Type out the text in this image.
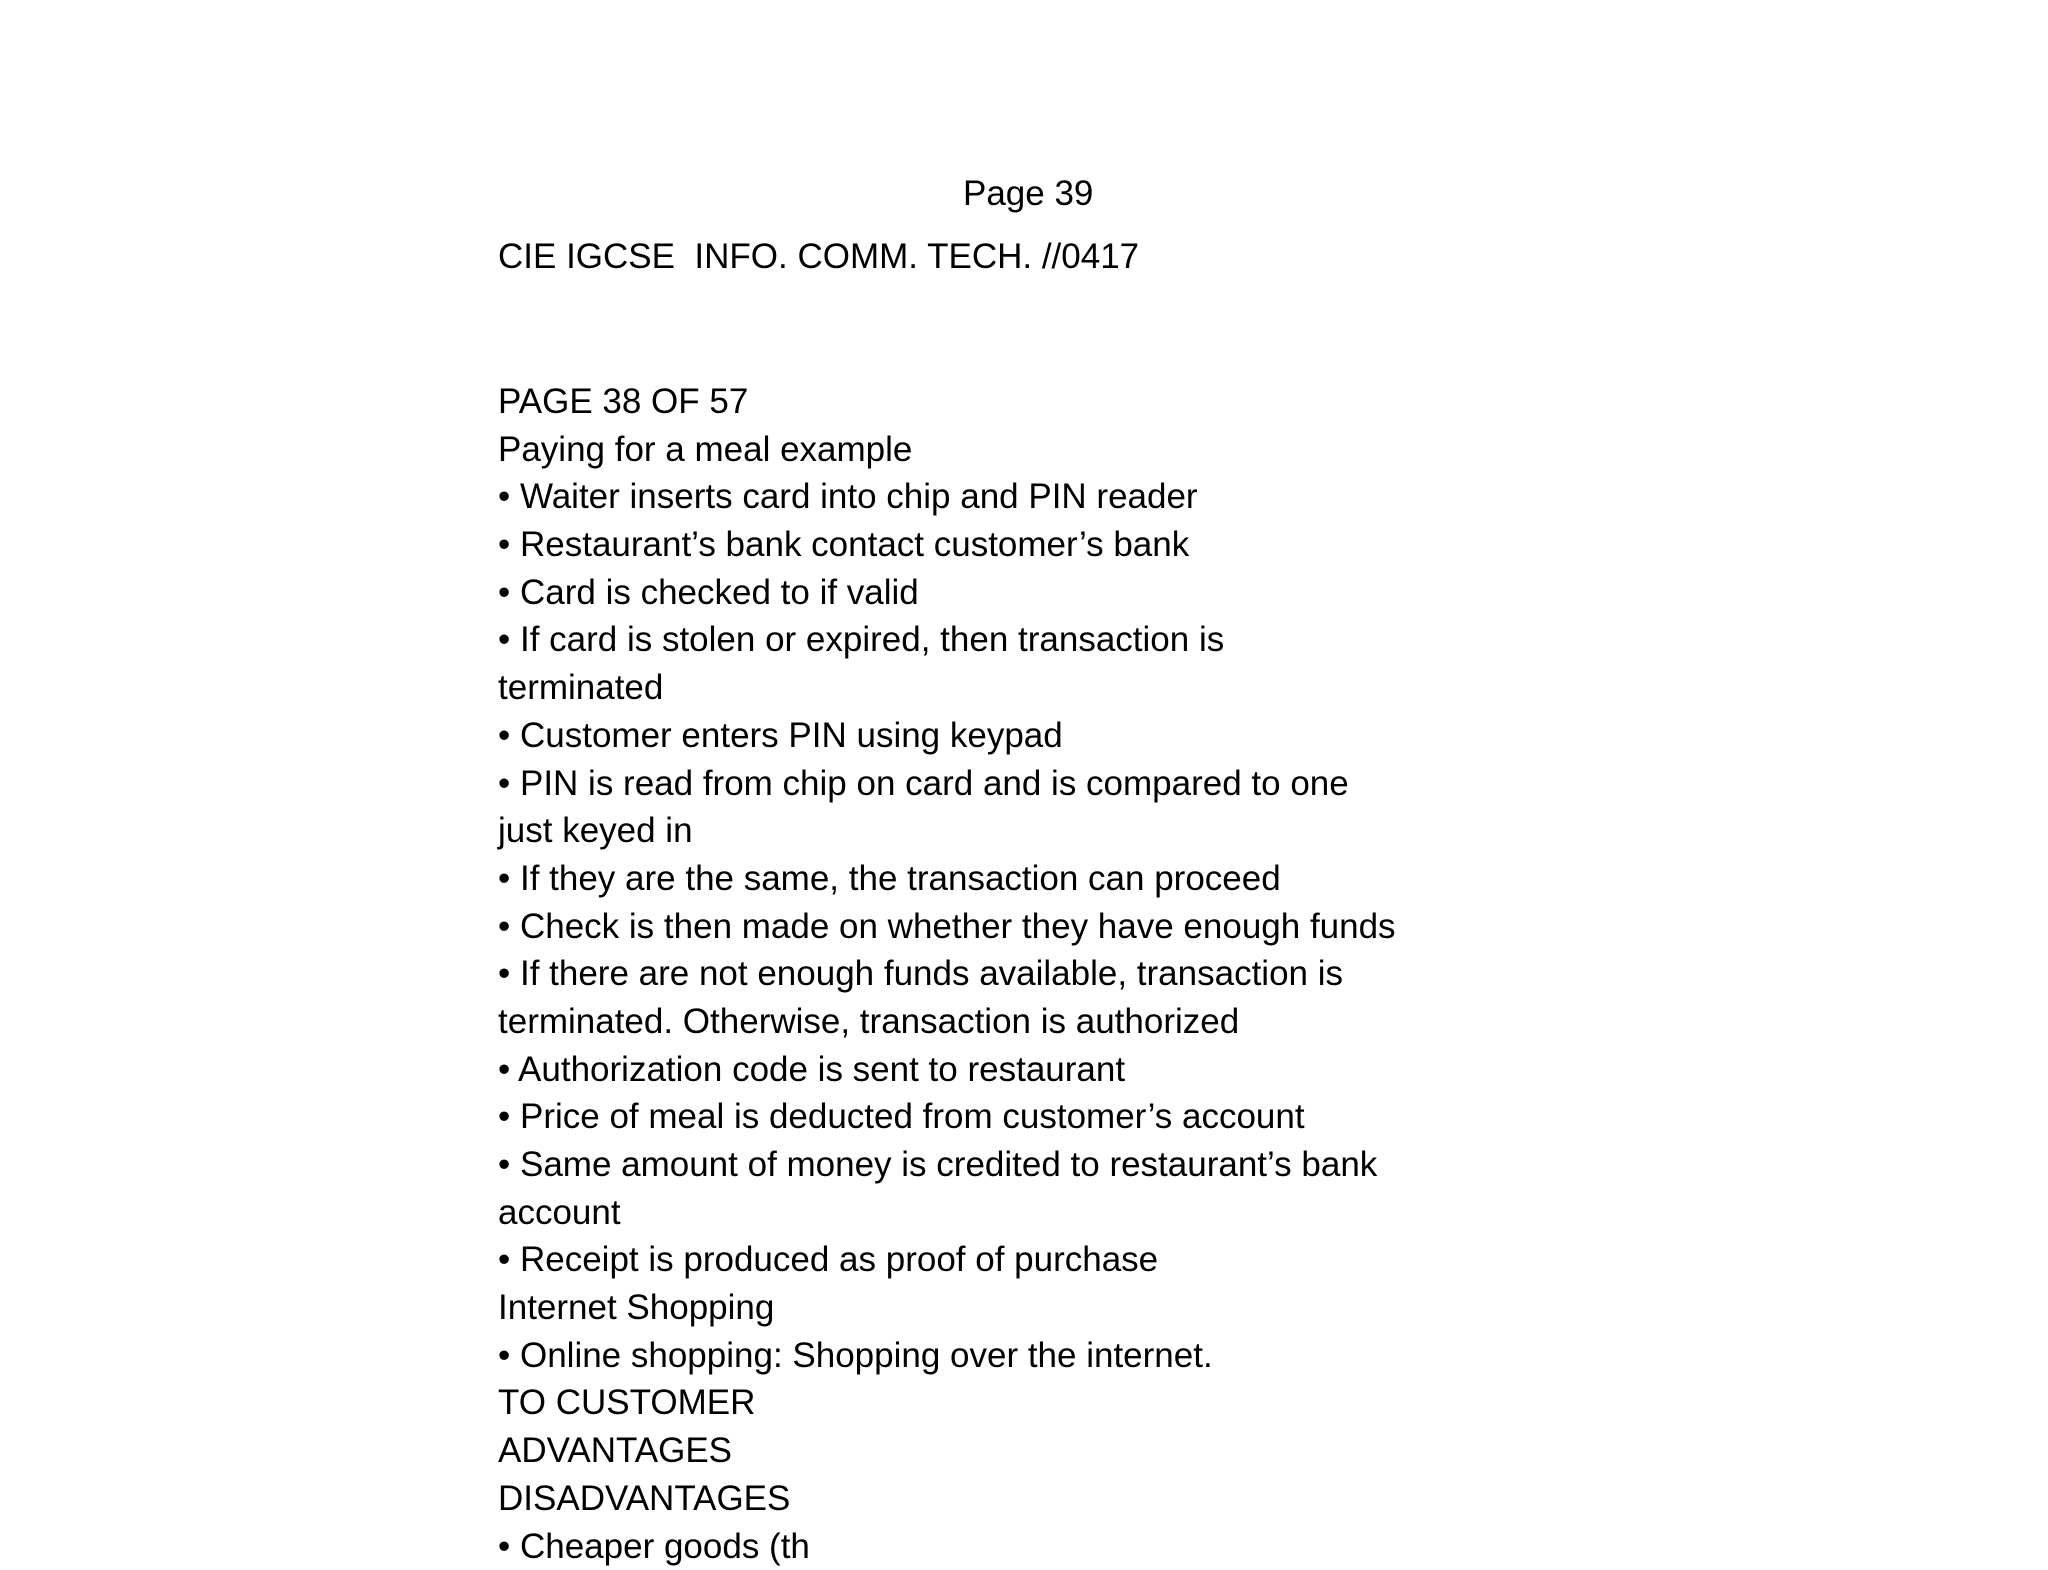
Page 39
CIE IGCSE  INFO. COMM. TECH. //0417
PAGE 38 OF 57
Paying for a meal example
• Waiter inserts card into chip and PIN reader
• Restaurant’s bank contact customer’s bank
• Card is checked to if valid
• If card is stolen or expired, then transaction is
terminated
• Customer enters PIN using keypad
• PIN is read from chip on card and is compared to one
just keyed in
• If they are the same, the transaction can proceed
• Check is then made on whether they have enough funds
• If there are not enough funds available, transaction is
terminated. Otherwise, transaction is authorized
• Authorization code is sent to restaurant
• Price of meal is deducted from customer’s account
• Same amount of money is credited to restaurant’s bank
account
• Receipt is produced as proof of purchase
Internet Shopping
• Online shopping: Shopping over the internet.
TO CUSTOMER
ADVANTAGES
DISADVANTAGES
• Cheaper goods (th
